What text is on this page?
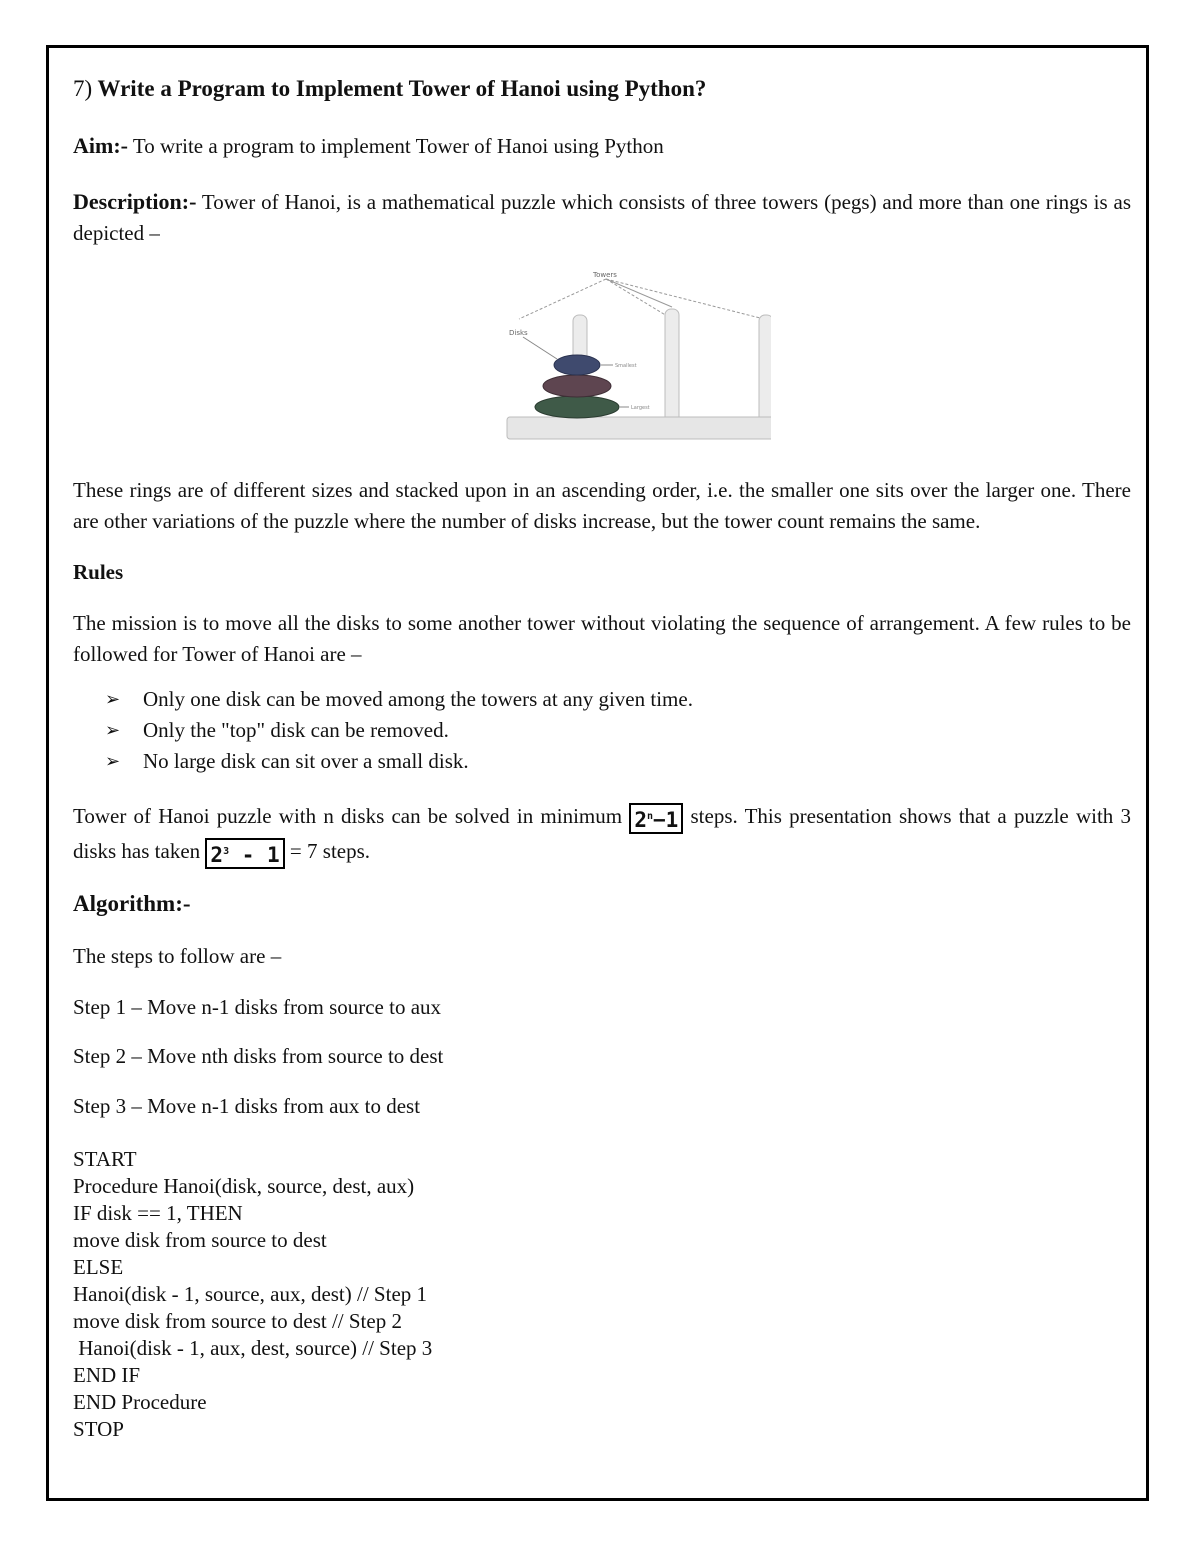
7) Write a Program to Implement Tower of Hanoi using Python?

Aim:- To write a program to implement Tower of Hanoi using Python

Description:- Tower of Hanoi, is a mathematical puzzle which consists of three towers (pegs) and more than one rings is as depicted –

Towers
Disks
Smallest
Largest

These rings are of different sizes and stacked upon in an ascending order, i.e. the smaller one sits over the larger one. There are other variations of the puzzle where the number of disks increase, but the tower count remains the same.

Rules

The mission is to move all the disks to some another tower without violating the sequence of arrangement. A few rules to be followed for Tower of Hanoi are –

➢	Only one disk can be moved among the towers at any given time.
➢	Only the "top" disk can be removed.
➢	No large disk can sit over a small disk.

Tower of Hanoi puzzle with n disks can be solved in minimum $2^n-1$ steps. This presentation shows that a puzzle with 3 disks has taken $2^3 - 1 = 7$ steps.

Algorithm:-

The steps to follow are –

Step 1 – Move n-1 disks from source to aux

Step 2 – Move nth disks from source to dest

Step 3 – Move n-1 disks from aux to dest

START

Procedure Hanoi(disk, source, dest, aux)

IF disk == 1, THEN

move disk from source to dest

ELSE

Hanoi(disk - 1, source, aux, dest) // Step 1

move disk from source to dest // Step 2

Hanoi(disk - 1, aux, dest, source) // Step 3

END IF

END Procedure

STOP
